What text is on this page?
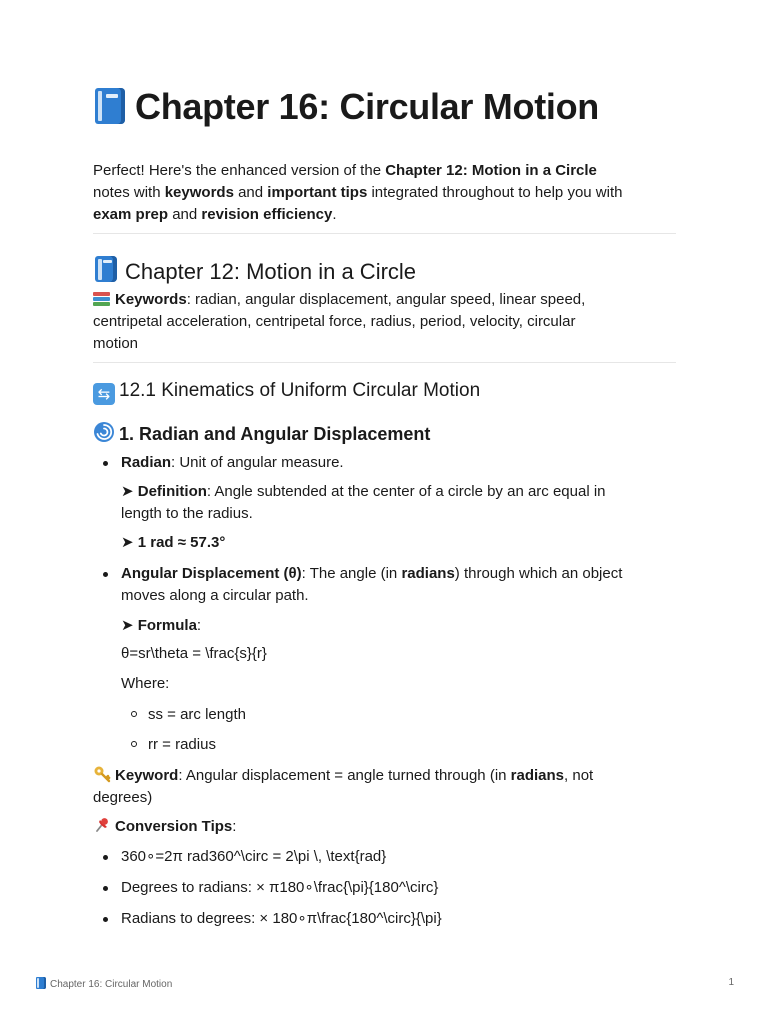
Chapter 16: Circular Motion
Perfect! Here's the enhanced version of the Chapter 12: Motion in a Circle
notes with keywords and important tips integrated throughout to help you with
exam prep and revision efficiency.
Chapter 12: Motion in a Circle
Keywords: radian, angular displacement, angular speed, linear speed,
centripetal acceleration, centripetal force, radius, period, velocity, circular
motion
⇆ 12.1 Kinematics of Uniform Circular Motion
1. Radian and Angular Displacement
Radian: Unit of angular measure.
➤ Definition: Angle subtended at the center of a circle by an arc equal in
length to the radius.
➤ 1 rad ≈ 57.3°
Angular Displacement (θ): The angle (in radians) through which an object
moves along a circular path.
➤ Formula:
θ=sr\theta = \frac{s}{r}
Where:
ss = arc length
rr = radius
Keyword: Angular displacement = angle turned through (in radians, not
degrees)
Conversion Tips:
360∘=2π rad360^\circ = 2\pi \, \text{rad}
Degrees to radians: × π180∘\frac{\pi}{180^\circ}
Radians to degrees: × 180∘π\frac{180^\circ}{\pi}
Chapter 16: Circular Motion	1
